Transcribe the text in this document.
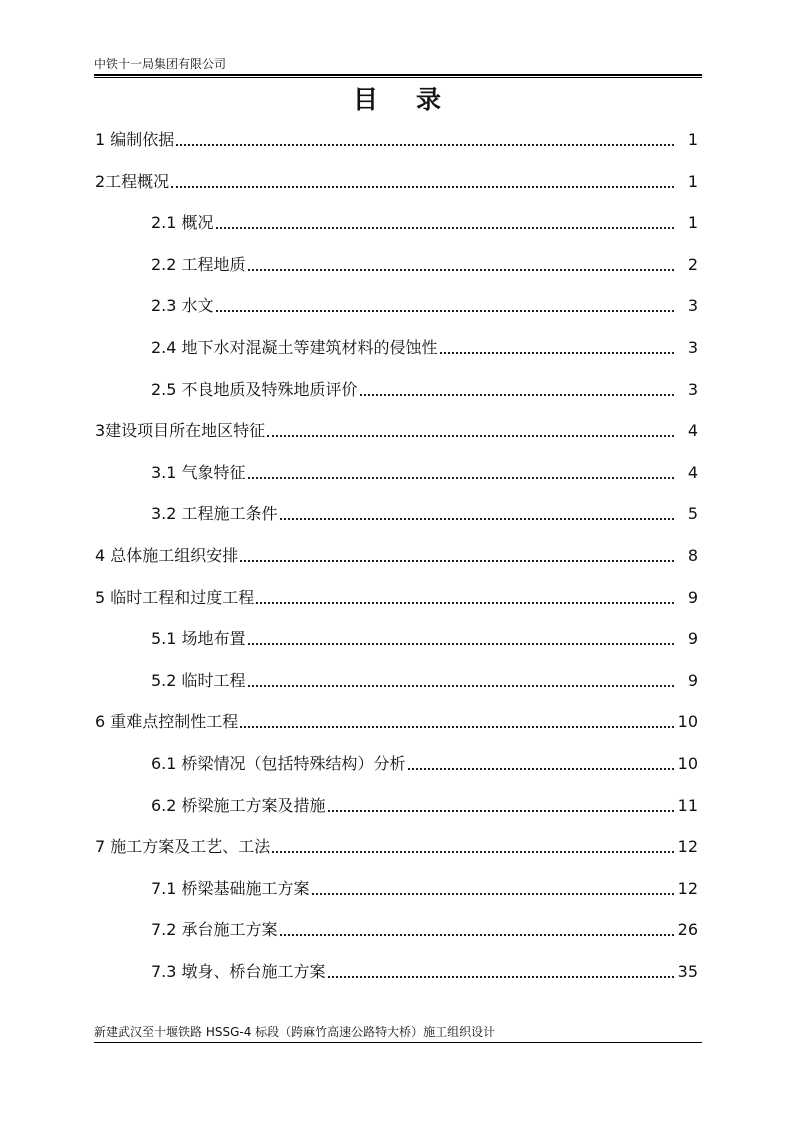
中铁十一局集团有限公司
目录
1 编制依据	1
2工程概况	1
2.1 概况	1
2.2 工程地质	2
2.3 水文	3
2.4 地下水对混凝土等建筑材料的侵蚀性	3
2.5 不良地质及特殊地质评价	3
3建设项目所在地区特征	4
3.1 气象特征	4
3.2 工程施工条件	5
4 总体施工组织安排	8
5 临时工程和过度工程	9
5.1 场地布置	9
5.2 临时工程	9
6 重难点控制性工程	10
6.1 桥梁情况（包括特殊结构）分析	10
6.2 桥梁施工方案及措施	11
7 施工方案及工艺、工法	12
7.1 桥梁基础施工方案	12
7.2 承台施工方案	26
7.3 墩身、桥台施工方案	35
新建武汉至十堰铁路 HSSG-4 标段（跨麻竹高速公路特大桥）施工组织设计
